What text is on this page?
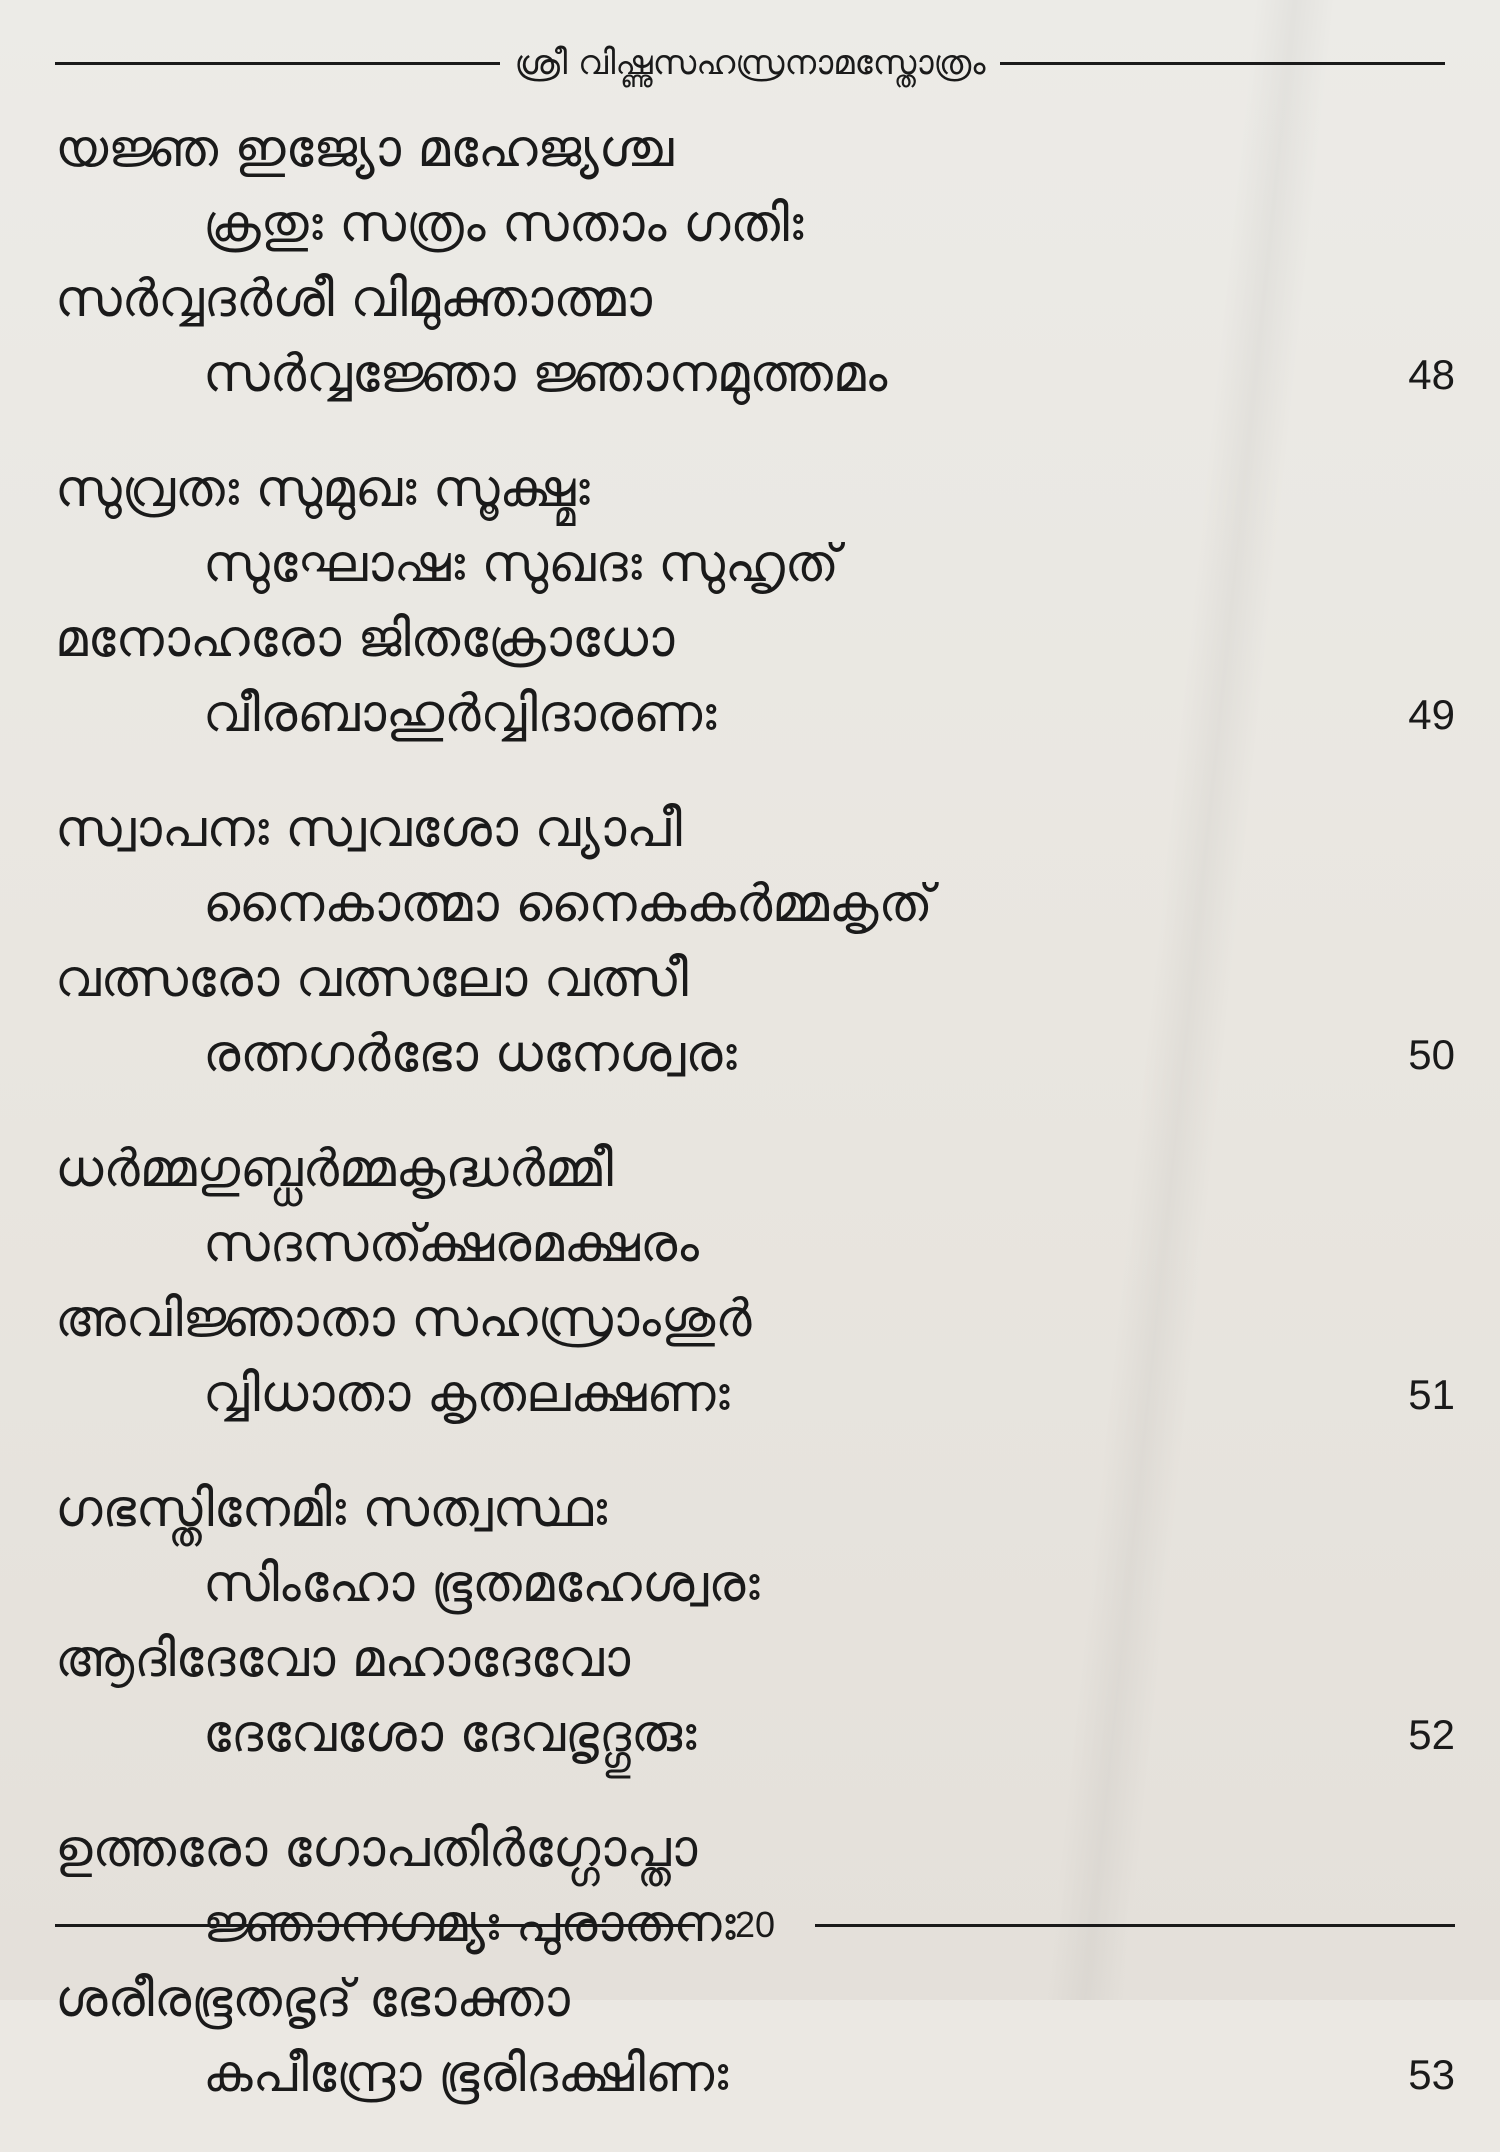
ശ്രീ വിഷ്ണുസഹസ്രനാമസ്തോത്രം
യജ്ഞ ഇജ്യോ മഹേജ്യശ്ച
ക്രതുഃ സത്രം സതാം ഗതിഃ
സർവ്വദർശീ വിമുക്താത്മാ
സർവ്വജ്ഞോ ജ്ഞാനമുത്തമം	48
സുവ്രതഃ സുമുഖഃ സൂക്ഷ്മഃ
സുഘോഷഃ സുഖദഃ സുഹൃത്
മനോഹരോ ജിതക്രോധോ
വീരബാഹുർവ്വിദാരണഃ	49
സ്വാപനഃ സ്വവശോ വ്യാപീ
നൈകാത്മാ നൈകകർമ്മകൃത്
വത്സരോ വത്സലോ വത്സീ
രത്നഗർഭോ ധനേശ്വരഃ	50
ധർമ്മഗുബ്ധർമ്മകൃദ്ധർമ്മീ
സദസത്ക്ഷരമക്ഷരം
അവിജ്ഞാതാ സഹസ്രാംശുർ
വ്വിധാതാ കൃതലക്ഷണഃ	51
ഗഭസ്തിനേമിഃ സത്വസ്ഥഃ
സിംഹോ ഭൂതമഹേശ്വരഃ
ആദിദേവോ മഹാദേവോ
ദേവേശോ ദേവഭൃദ്ഗുരുഃ	52
ഉത്തരോ ഗോപതിർഗ്ഗോപ്താ
ജ്ഞാനഗമ്യഃ പുരാതനഃ
ശരീരഭൂതഭൃദ് ഭോക്താ
കപീന്ദ്രോ ഭൂരിദക്ഷിണഃ	53
20
